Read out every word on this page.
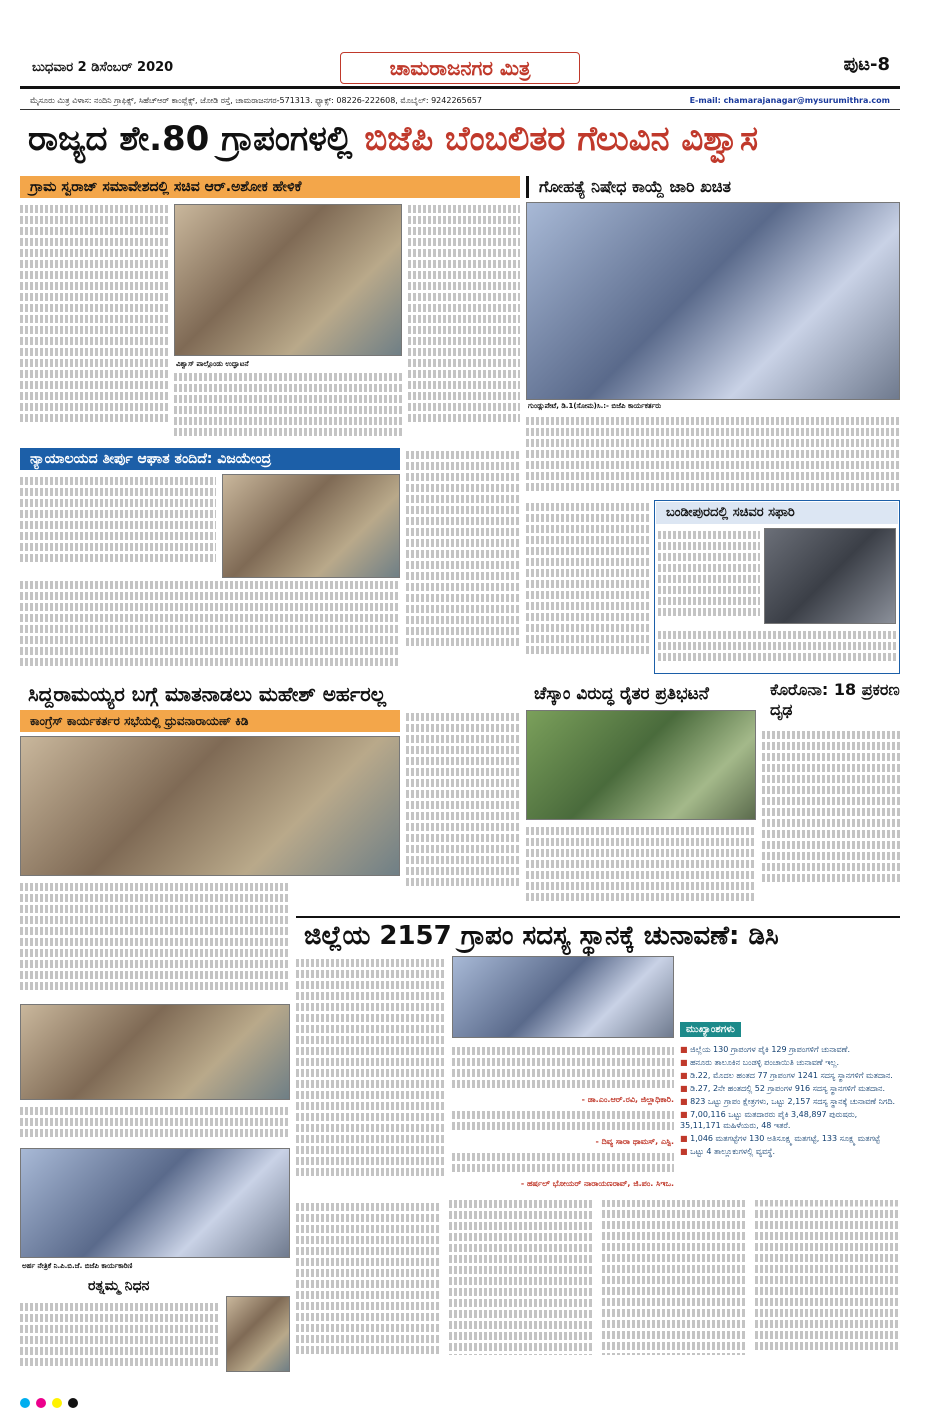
ಬುಧವಾರ 2 ಡಿಸೆಂಬರ್ 2020	ಚಾಮರಾಜನಗರ ಮಿತ್ರ	ಪುಟ-8
ಮೈಸೂರು ಮಿತ್ರ ವಿಳಾಸ: ನಂದಿನಿ ಗ್ರಾಫಿಕ್ಸ್, ಸಿಹೆಚ್ಆರ್ ಕಾಂಪ್ಲೆಕ್ಸ್, ಜೋಡಿ ರಸ್ತೆ, ಚಾಮರಾಜನಗರ-571313. ಫ್ಯಾಕ್ಸ್: 08226-222608, ಮೊಬೈಲ್: 9242265657	E-mail: chamarajanagar@mysurumithra.com
ರಾಜ್ಯದ ಶೇ.80 ಗ್ರಾಪಂಗಳಲ್ಲಿ ಬಿಜೆಪಿ ಬೆಂಬಲಿತರ ಗೆಲುವಿನ ವಿಶ್ವಾಸ
ಗ್ರಾಮ ಸ್ವರಾಜ್ ಸಮಾವೇಶದಲ್ಲಿ ಸಚಿವ ಆರ್.ಅಶೋಕ ಹೇಳಿಕೆ	ಗೋಹತ್ಯೆ ನಿಷೇಧ ಕಾಯ್ದೆ ಜಾರಿ ಖಚಿತ
ವಿಶ್ವಾಸ್ ಪಾಲ್ಗೊಂಡು ಉದ್ಘಾಟನೆ
ಗುಂಡ್ಲುಪೇಟೆ, ಡಿ.1(ಸೋಮ)ಸಿ.:- ಬಿಜೆಪಿ ಕಾರ್ಯಕರ್ತರು
ನ್ಯಾಯಾಲಯದ ತೀರ್ಪು ಆಘಾತ ತಂದಿದೆ: ವಿಜಯೇಂದ್ರ
ಬಂಡೀಪುರದಲ್ಲಿ ಸಚಿವರ ಸಫಾರಿ
ಸಿದ್ದರಾಮಯ್ಯರ ಬಗ್ಗೆ ಮಾತನಾಡಲು ಮಹೇಶ್ ಅರ್ಹರಲ್ಲ
ಕಾಂಗ್ರೆಸ್ ಕಾರ್ಯಕರ್ತರ ಸಭೆಯಲ್ಲಿ ಧ್ರುವನಾರಾಯಣ್ ಕಿಡಿ
ಚೆಸ್ಕಾಂ ವಿರುದ್ಧ ರೈತರ ಪ್ರತಿಭಟನೆ	ಕೊರೊನಾ: 18 ಪ್ರಕರಣ ದೃಢ
ಜಿಲ್ಲೆಯ 2157 ಗ್ರಾಪಂ ಸದಸ್ಯ ಸ್ಥಾನಕ್ಕೆ ಚುನಾವಣೆ: ಡಿಸಿ
ಅರ್ಹ ನೇತ್ರಿಕೆ ನಿ.ಪಿ.ಬಿ.ಜೆ. ಬಿಜೆಪಿ ಕಾರ್ಯಕಾರಿಣಿ
ರತ್ನಮ್ಮ ನಿಧನ
- ಡಾ.ಎಂ.ಆರ್.ರವಿ, ಜಿಲ್ಲಾಧಿಕಾರಿ.
- ದಿವ್ಯ ಸಾರಾ ಥಾಮಸ್, ಎಸ್ಪಿ.
- ಹರ್ಷಲ್ ಭೋಯರ್ ನಾರಾಯಣರಾವ್, ಜಿ.ಪಂ. ಸಿಇಒ.
ಮುಖ್ಯಾಂಶಗಳು
■ ಜಿಲ್ಲೆಯ 130 ಗ್ರಾಪಂಗಳ ಪೈಕಿ 129 ಗ್ರಾಪಂಗಳಿಗೆ ಚುನಾವಣೆ.
■ ಹನೂರು ತಾಲೂಕಿನ ಬಂಡಳ್ಳಿ ಪಂಚಾಯಿತಿ ಚುನಾವಣೆ ಇಲ್ಲ.
■ ಡಿ.22, ಮೊದಲ ಹಂತದ 77 ಗ್ರಾಪಂಗಳ 1241 ಸದಸ್ಯ ಸ್ಥಾನಗಳಿಗೆ ಮತದಾನ.
■ ಡಿ.27, 2ನೇ ಹಂತದಲ್ಲಿ 52 ಗ್ರಾಪಂಗಳ 916 ಸದಸ್ಯ ಸ್ಥಾನಗಳಿಗೆ ಮತದಾನ.
■ 823 ಒಟ್ಟು ಗ್ರಾಪಂ ಕ್ಷೇತ್ರಗಳು, ಒಟ್ಟು 2,157 ಸದಸ್ಯ ಸ್ಥಾನಕ್ಕೆ ಚುನಾವಣೆ ನಿಗದಿ.
■ 7,00,116 ಒಟ್ಟು ಮತದಾರರು ಪೈಕಿ 3,48,897 ಪುರುಷರು, 35,11,171 ಮಹಿಳೆಯರು, 48 ಇತರೆ.
■ 1,046 ಮತಗಟ್ಟೆಗಳ 130 ಅತಿಸೂಕ್ಷ್ಮ ಮತಗಟ್ಟೆ, 133 ಸೂಕ್ಷ್ಮ ಮತಗಟ್ಟೆ
■ ಒಟ್ಟು 4 ತಾಲ್ಲೂಕುಗಳಲ್ಲಿ ವ್ಯವಸ್ಥೆ.
